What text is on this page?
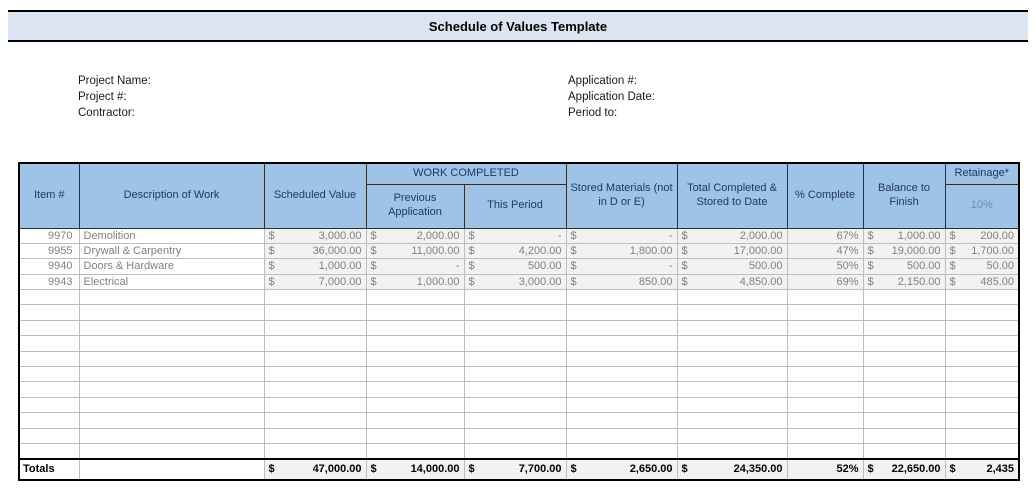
Schedule of Values Template
Project Name:
Project #:
Contractor:
Application #:
Application Date:
Period to:
Item #	Description of Work	Scheduled Value	WORK COMPLETED		Stored Materials (not in D or E)	Total Completed & Stored to Date	% Complete	Balance to Finish	Retainage*
			Previous Application	This Period					10%
9970	Demolition	$ 3,000.00	$ 2,000.00	$ -	$ -	$ 2,000.00	67%	$ 1,000.00	$ 200.00
9955	Drywall & Carpentry	$ 36,000.00	$ 11,000.00	$ 4,200.00	$ 1,800.00	$ 17,000.00	47%	$ 19,000.00	$ 1,700.00
9940	Doors & Hardware	$ 1,000.00	$ -	$ 500.00	$ -	$ 500.00	50%	$ 500.00	$ 50.00
9943	Electrical	$ 7,000.00	$ 1,000.00	$ 3,000.00	$ 850.00	$ 4,850.00	69%	$ 2,150.00	$ 485.00

Totals		$ 47,000.00	$ 14,000.00	$ 7,700.00	$ 2,650.00	$ 24,350.00	52%	$ 22,650.00	$ 2,435
